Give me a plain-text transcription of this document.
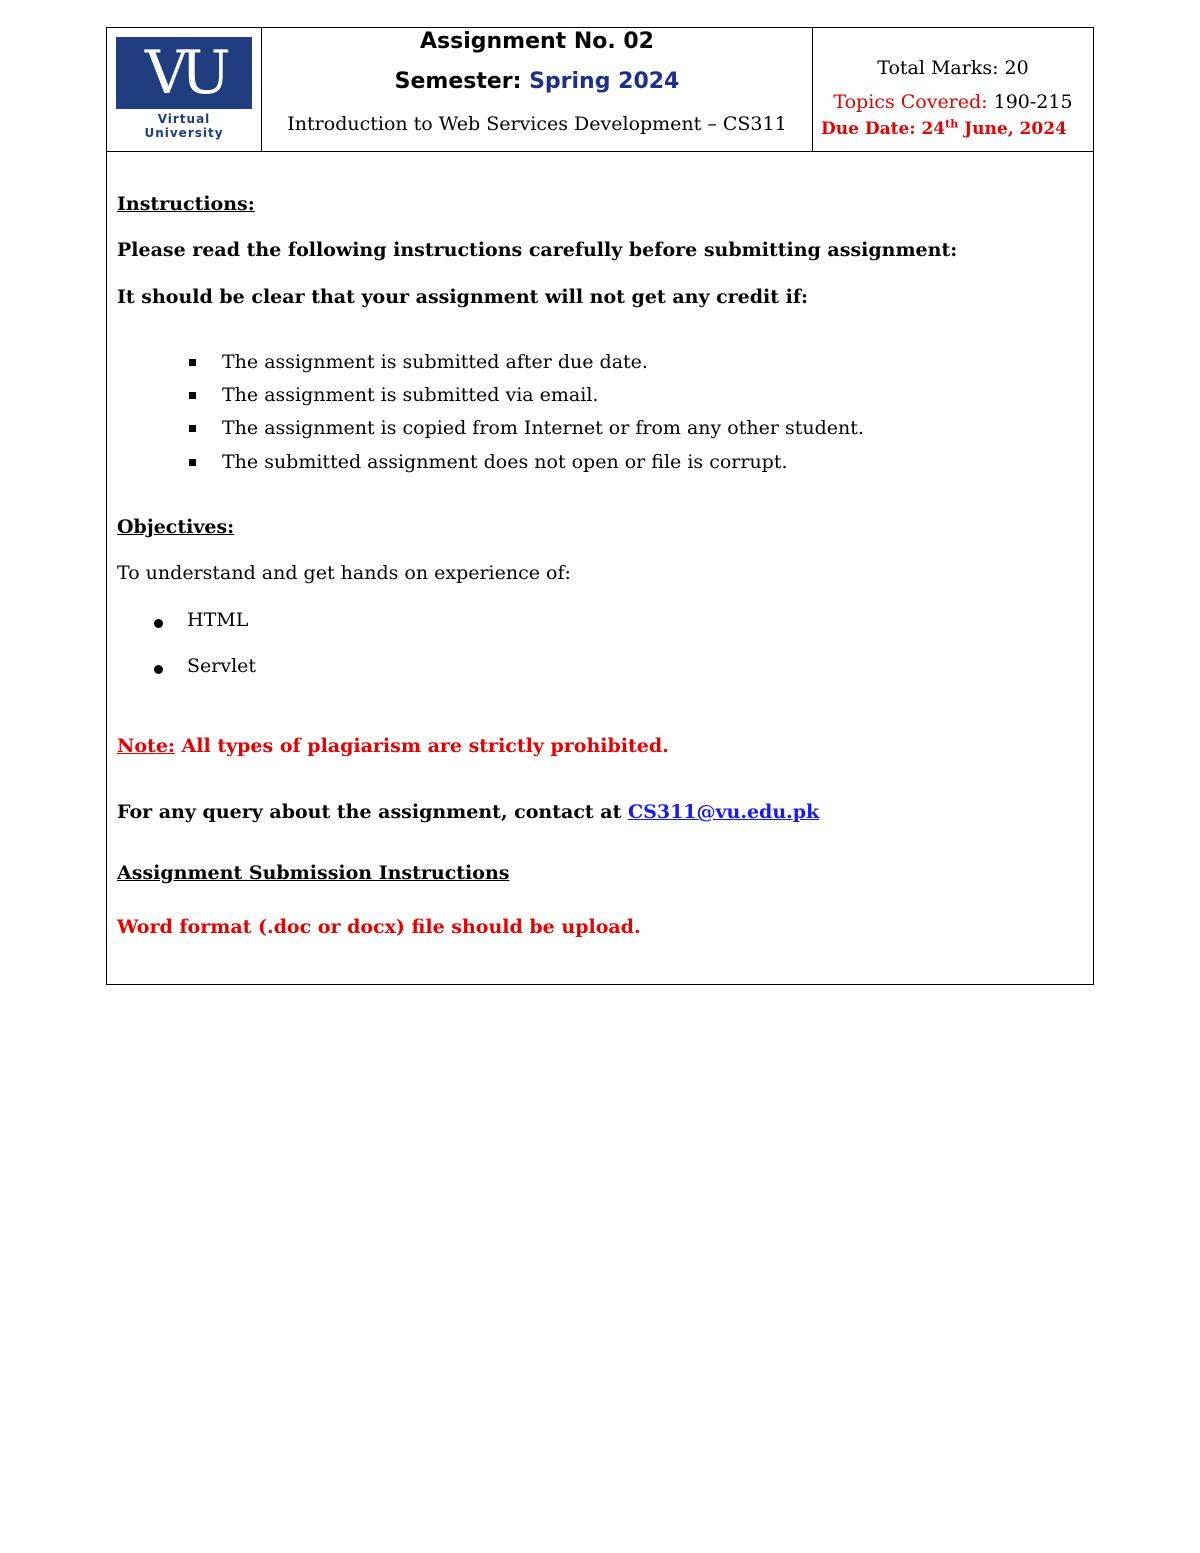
VU
Virtual University
Assignment No. 02
Semester: Spring 2024
Introduction to Web Services Development – CS311
Total Marks: 20
Topics Covered: 190-215
Due Date: 24th June, 2024
Instructions:
Please read the following instructions carefully before submitting assignment:
It should be clear that your assignment will not get any credit if:
The assignment is submitted after due date.
The assignment is submitted via email.
The assignment is copied from Internet or from any other student.
The submitted assignment does not open or file is corrupt.
Objectives:
To understand and get hands on experience of:
HTML
Servlet
Note: All types of plagiarism are strictly prohibited.
For any query about the assignment, contact at CS311@vu.edu.pk
Assignment Submission Instructions
Word format (.doc or docx) file should be upload.
